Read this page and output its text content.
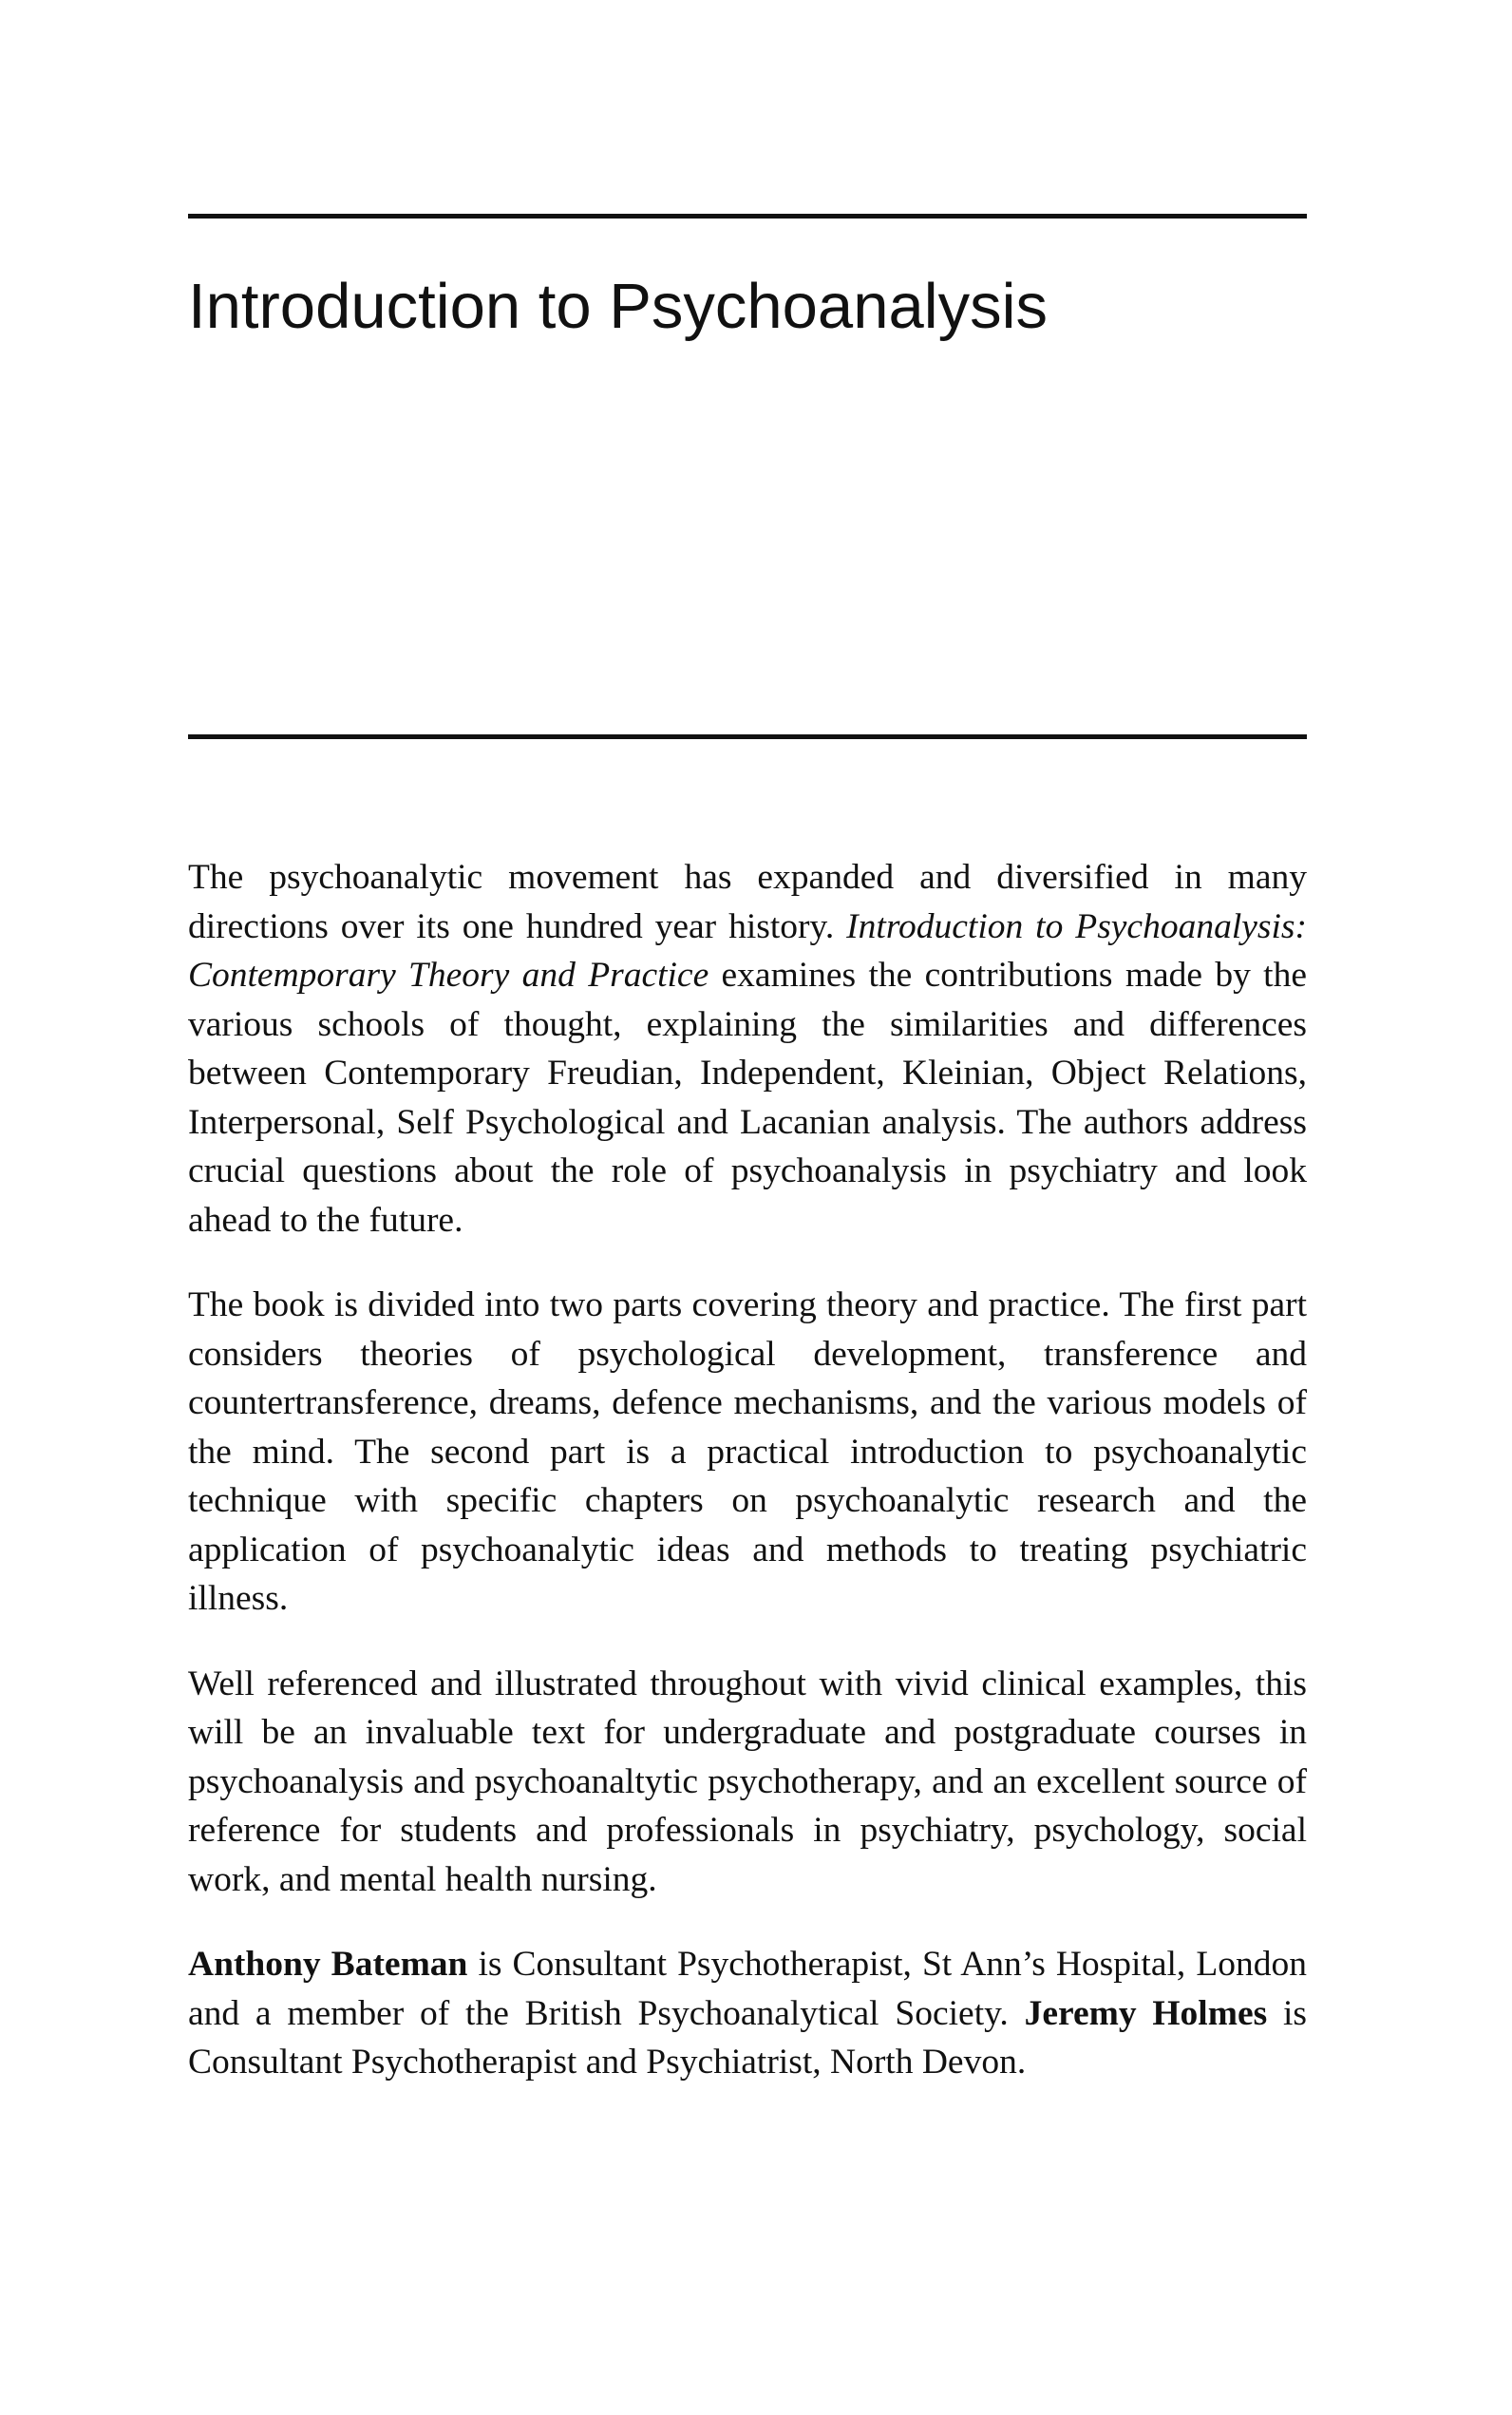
Introduction to Psychoanalysis

The psychoanalytic movement has expanded and diversified in many directions over its one hundred year history. Introduction to Psychoanalysis: Contemporary Theory and Practice examines the contributions made by the various schools of thought, explaining the similarities and differences between Contemporary Freudian, Independent, Kleinian, Object Relations, Interpersonal, Self Psychological and Lacanian analysis. The authors address crucial questions about the role of psychoanalysis in psychiatry and look ahead to the future.

The book is divided into two parts covering theory and practice. The first part considers theories of psychological development, transference and countertransference, dreams, defence mechanisms, and the various models of the mind. The second part is a practical introduction to psychoanalytic technique with specific chapters on psychoanalytic research and the application of psychoanalytic ideas and methods to treating psychiatric illness.

Well referenced and illustrated throughout with vivid clinical examples, this will be an invaluable text for undergraduate and postgraduate courses in psychoanalysis and psychoanaltytic psychotherapy, and an excellent source of reference for students and professionals in psychiatry, psychology, social work, and mental health nursing.

Anthony Bateman is Consultant Psychotherapist, St Ann’s Hospital, London and a member of the British Psychoanalytical Society. Jeremy Holmes is Consultant Psychotherapist and Psychiatrist, North Devon.
